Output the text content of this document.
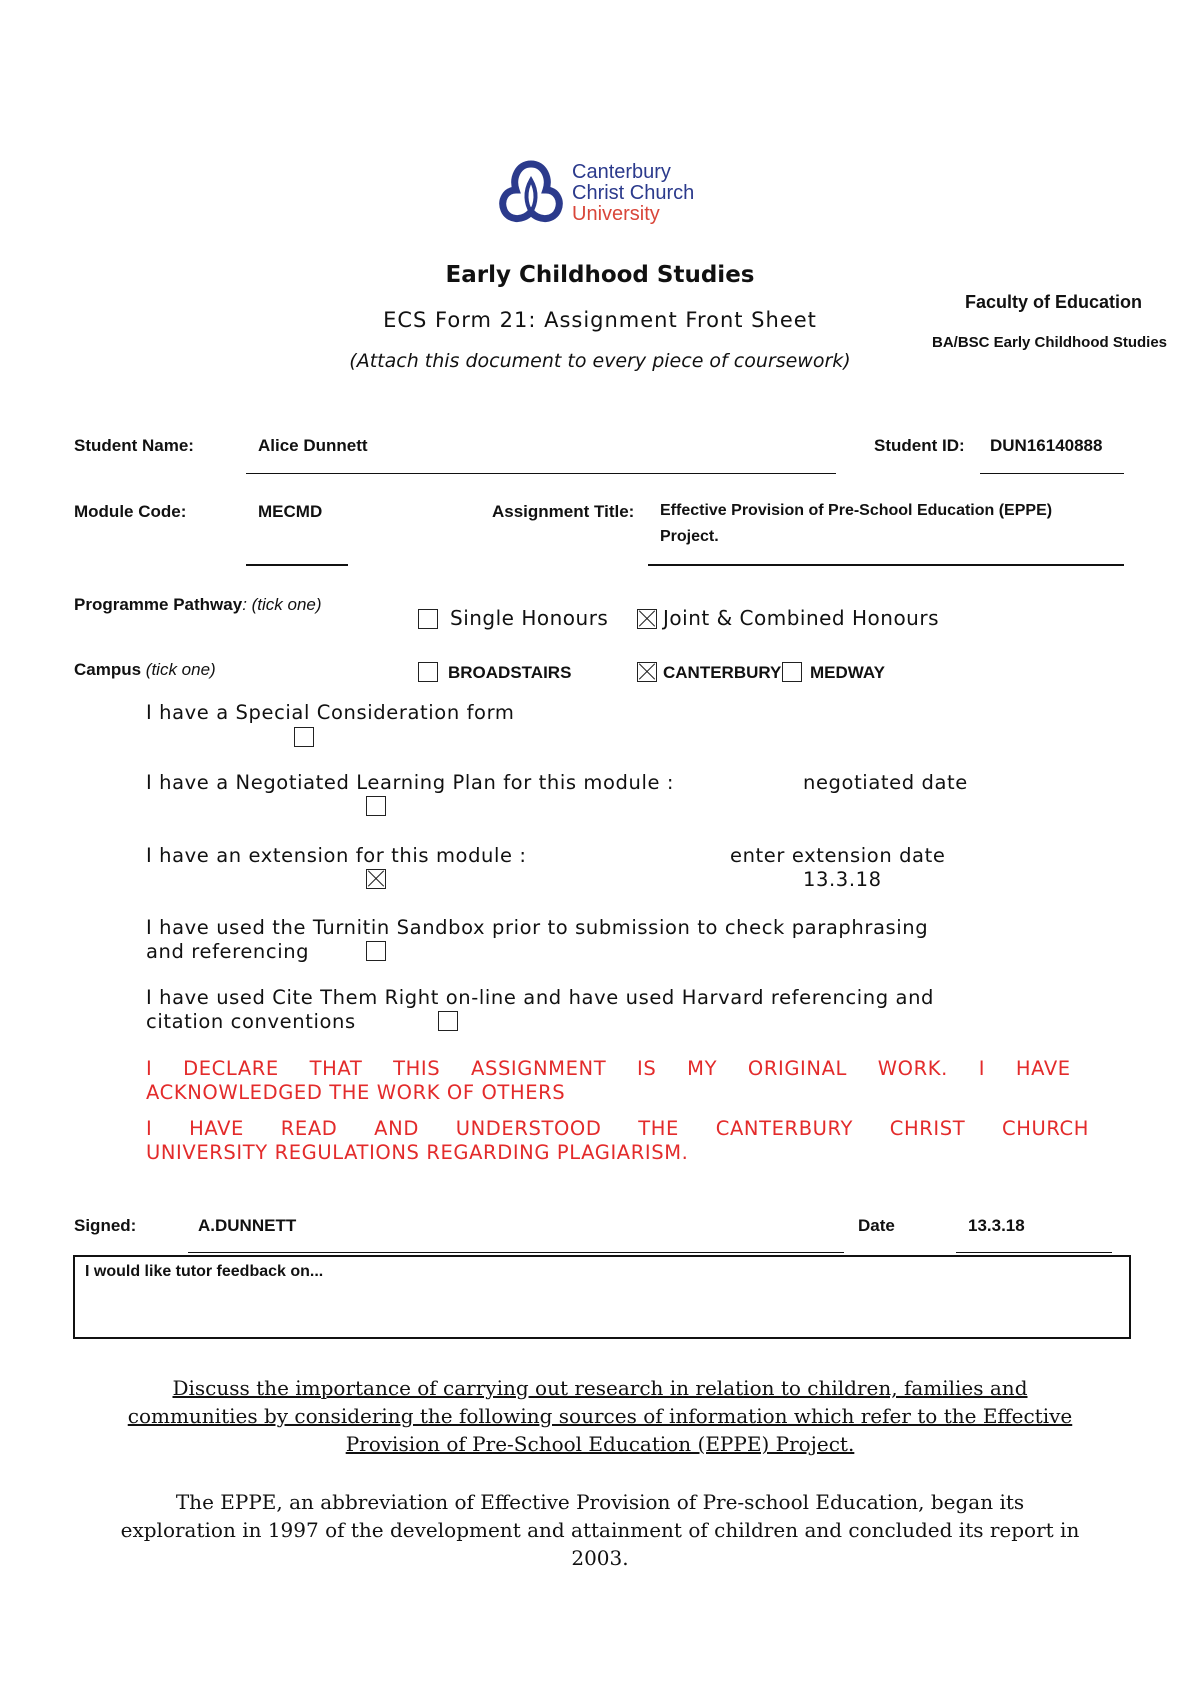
Canterbury
Christ Church
University
Early Childhood Studies
ECS Form 21: Assignment Front Sheet
(Attach this document to every piece of coursework)
Faculty of Education
BA/BSC Early Childhood Studies
Student Name:	Alice Dunnett	Student ID: DUN16140888
Module Code:	MECMD	Assignment Title: Effective Provision of Pre-School Education (EPPE)
Project.
Programme Pathway: (tick one)
Single Honours	Joint & Combined Honours
Campus (tick one)	BROADSTAIRS	CANTERBURY MEDWAY
I have a Special Consideration form
I have a Negotiated Learning Plan for this module :	negotiated date
I have an extension for this module :	enter extension date
13.3.18
I have used the Turnitin Sandbox prior to submission to check paraphrasing
and referencing
I have used Cite Them Right on-line and have used Harvard referencing and
citation conventions
I DECLARE THAT THIS ASSIGNMENT IS MY ORIGINAL WORK. I HAVE
ACKNOWLEDGED THE WORK OF OTHERS
I HAVE READ AND UNDERSTOOD THE CANTERBURY CHRIST CHURCH
UNIVERSITY REGULATIONS REGARDING PLAGIARISM.
Signed:	A.DUNNETT	Date	13.3.18
I would like tutor feedback on...
Discuss the importance of carrying out research in relation to children, families and
communities by considering the following sources of information which refer to the Effective
Provision of Pre-School Education (EPPE) Project.
The EPPE, an abbreviation of Effective Provision of Pre-school Education, began its
exploration in 1997 of the development and attainment of children and concluded its report in 2003.
